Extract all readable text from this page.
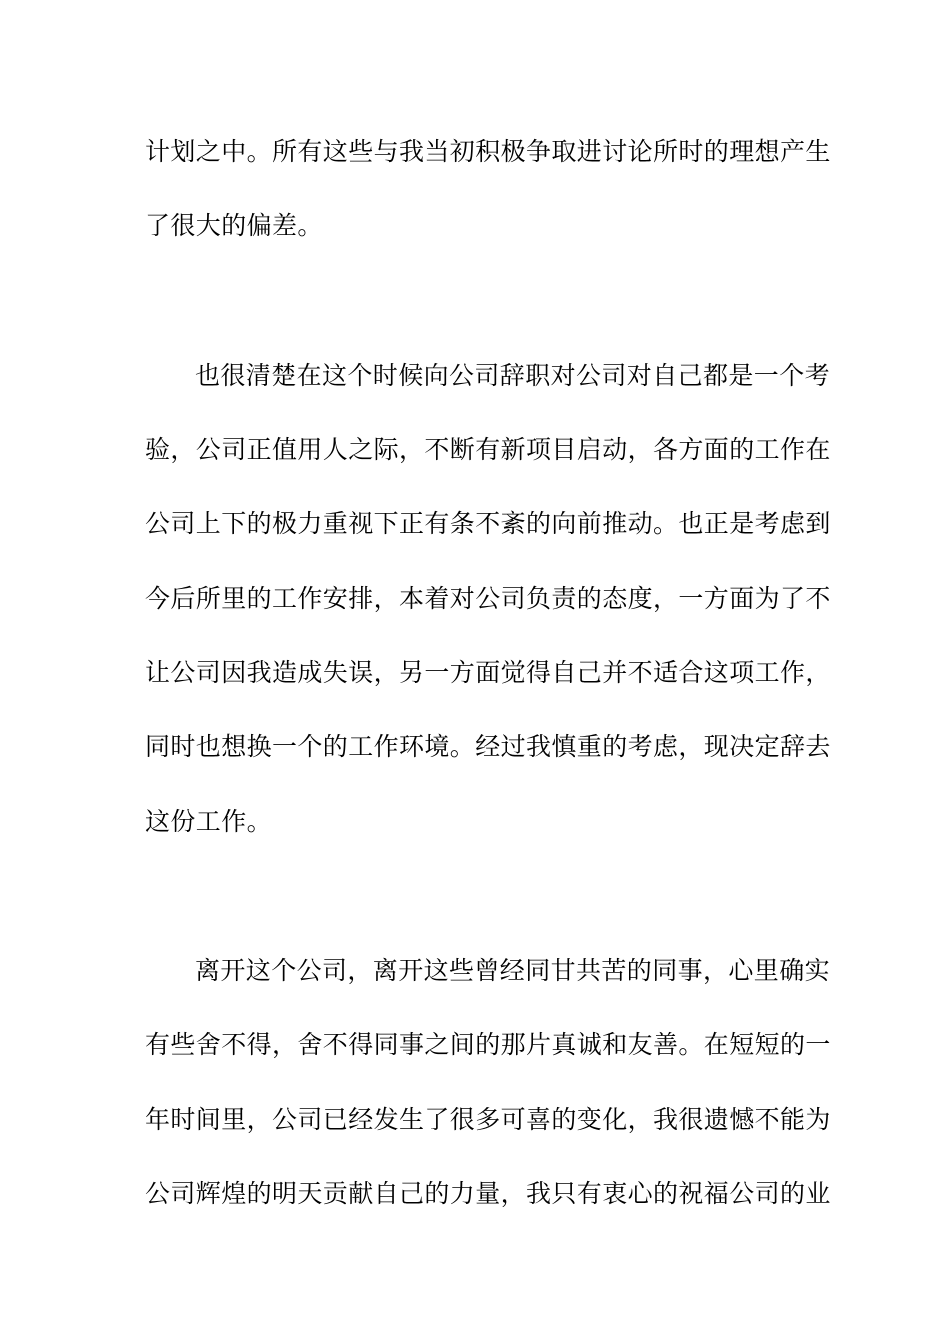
计划之中。所有这些与我当初积极争取进讨论所时的理想产生
了很大的偏差。
也很清楚在这个时候向公司辞职对公司对自己都是一个考
验，公司正值用人之际，不断有新项目启动，各方面的工作在
公司上下的极力重视下正有条不紊的向前推动。也正是考虑到
今后所里的工作安排，本着对公司负责的态度，一方面为了不
让公司因我造成失误，另一方面觉得自己并不适合这项工作，
同时也想换一个的工作环境。经过我慎重的考虑，现决定辞去
这份工作。
离开这个公司，离开这些曾经同甘共苦的同事，心里确实
有些舍不得，舍不得同事之间的那片真诚和友善。在短短的一
年时间里，公司已经发生了很多可喜的变化，我很遗憾不能为
公司辉煌的明天贡献自己的力量，我只有衷心的祝福公司的业
